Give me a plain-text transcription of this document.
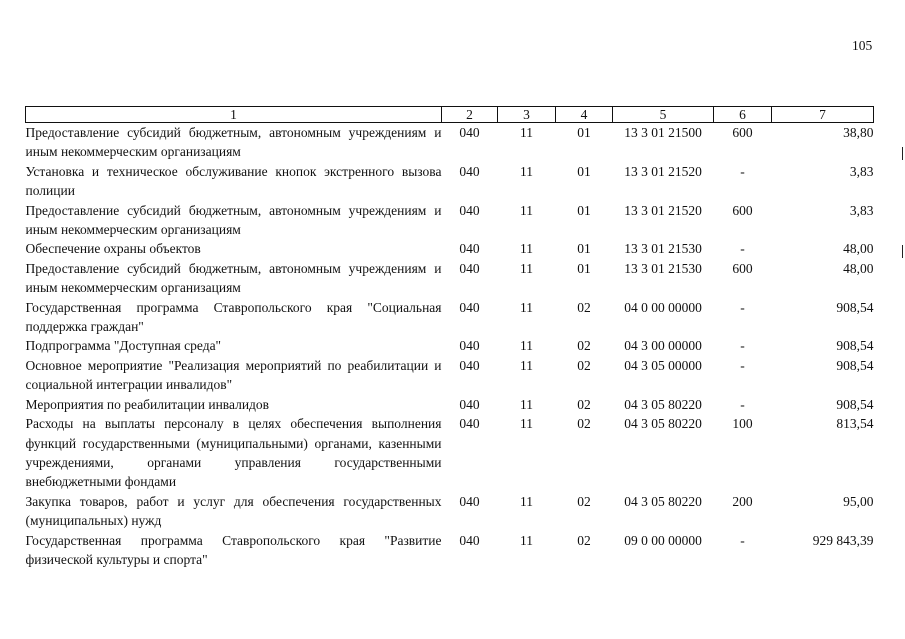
105
1	2	3	4	5	6	7
Предоставление субсидий бюджетным, автономным учреждениям и иным некоммерческим организациям	040	11	01	13 3 01 21500	600	38,80
Установка и техническое обслуживание кнопок экстренного вызова полиции	040	11	01	13 3 01 21520	-	3,83
Предоставление субсидий бюджетным, автономным учреждениям и иным некоммерческим организациям	040	11	01	13 3 01 21520	600	3,83
Обеспечение охраны объектов	040	11	01	13 3 01 21530	-	48,00
Предоставление субсидий бюджетным, автономным учреждениям и иным некоммерческим организациям	040	11	01	13 3 01 21530	600	48,00
Государственная программа Ставропольского края "Социальная поддержка граждан"	040	11	02	04 0 00 00000	-	908,54
Подпрограмма "Доступная среда"	040	11	02	04 3 00 00000	-	908,54
Основное мероприятие "Реализация мероприятий по реабилитации и социальной интеграции инвалидов"	040	11	02	04 3 05 00000	-	908,54
Мероприятия по реабилитации инвалидов	040	11	02	04 3 05 80220	-	908,54
Расходы на выплаты персоналу в целях обеспечения выполнения функций государственными (муниципальными) органами, казенными учреждениями, органами управления государственными внебюджетными фондами	040	11	02	04 3 05 80220	100	813,54
Закупка товаров, работ и услуг для обеспечения государственных (муниципальных) нужд	040	11	02	04 3 05 80220	200	95,00
Государственная программа Ставропольского края "Развитие физической культуры и спорта"	040	11	02	09 0 00 00000	-	929 843,39
